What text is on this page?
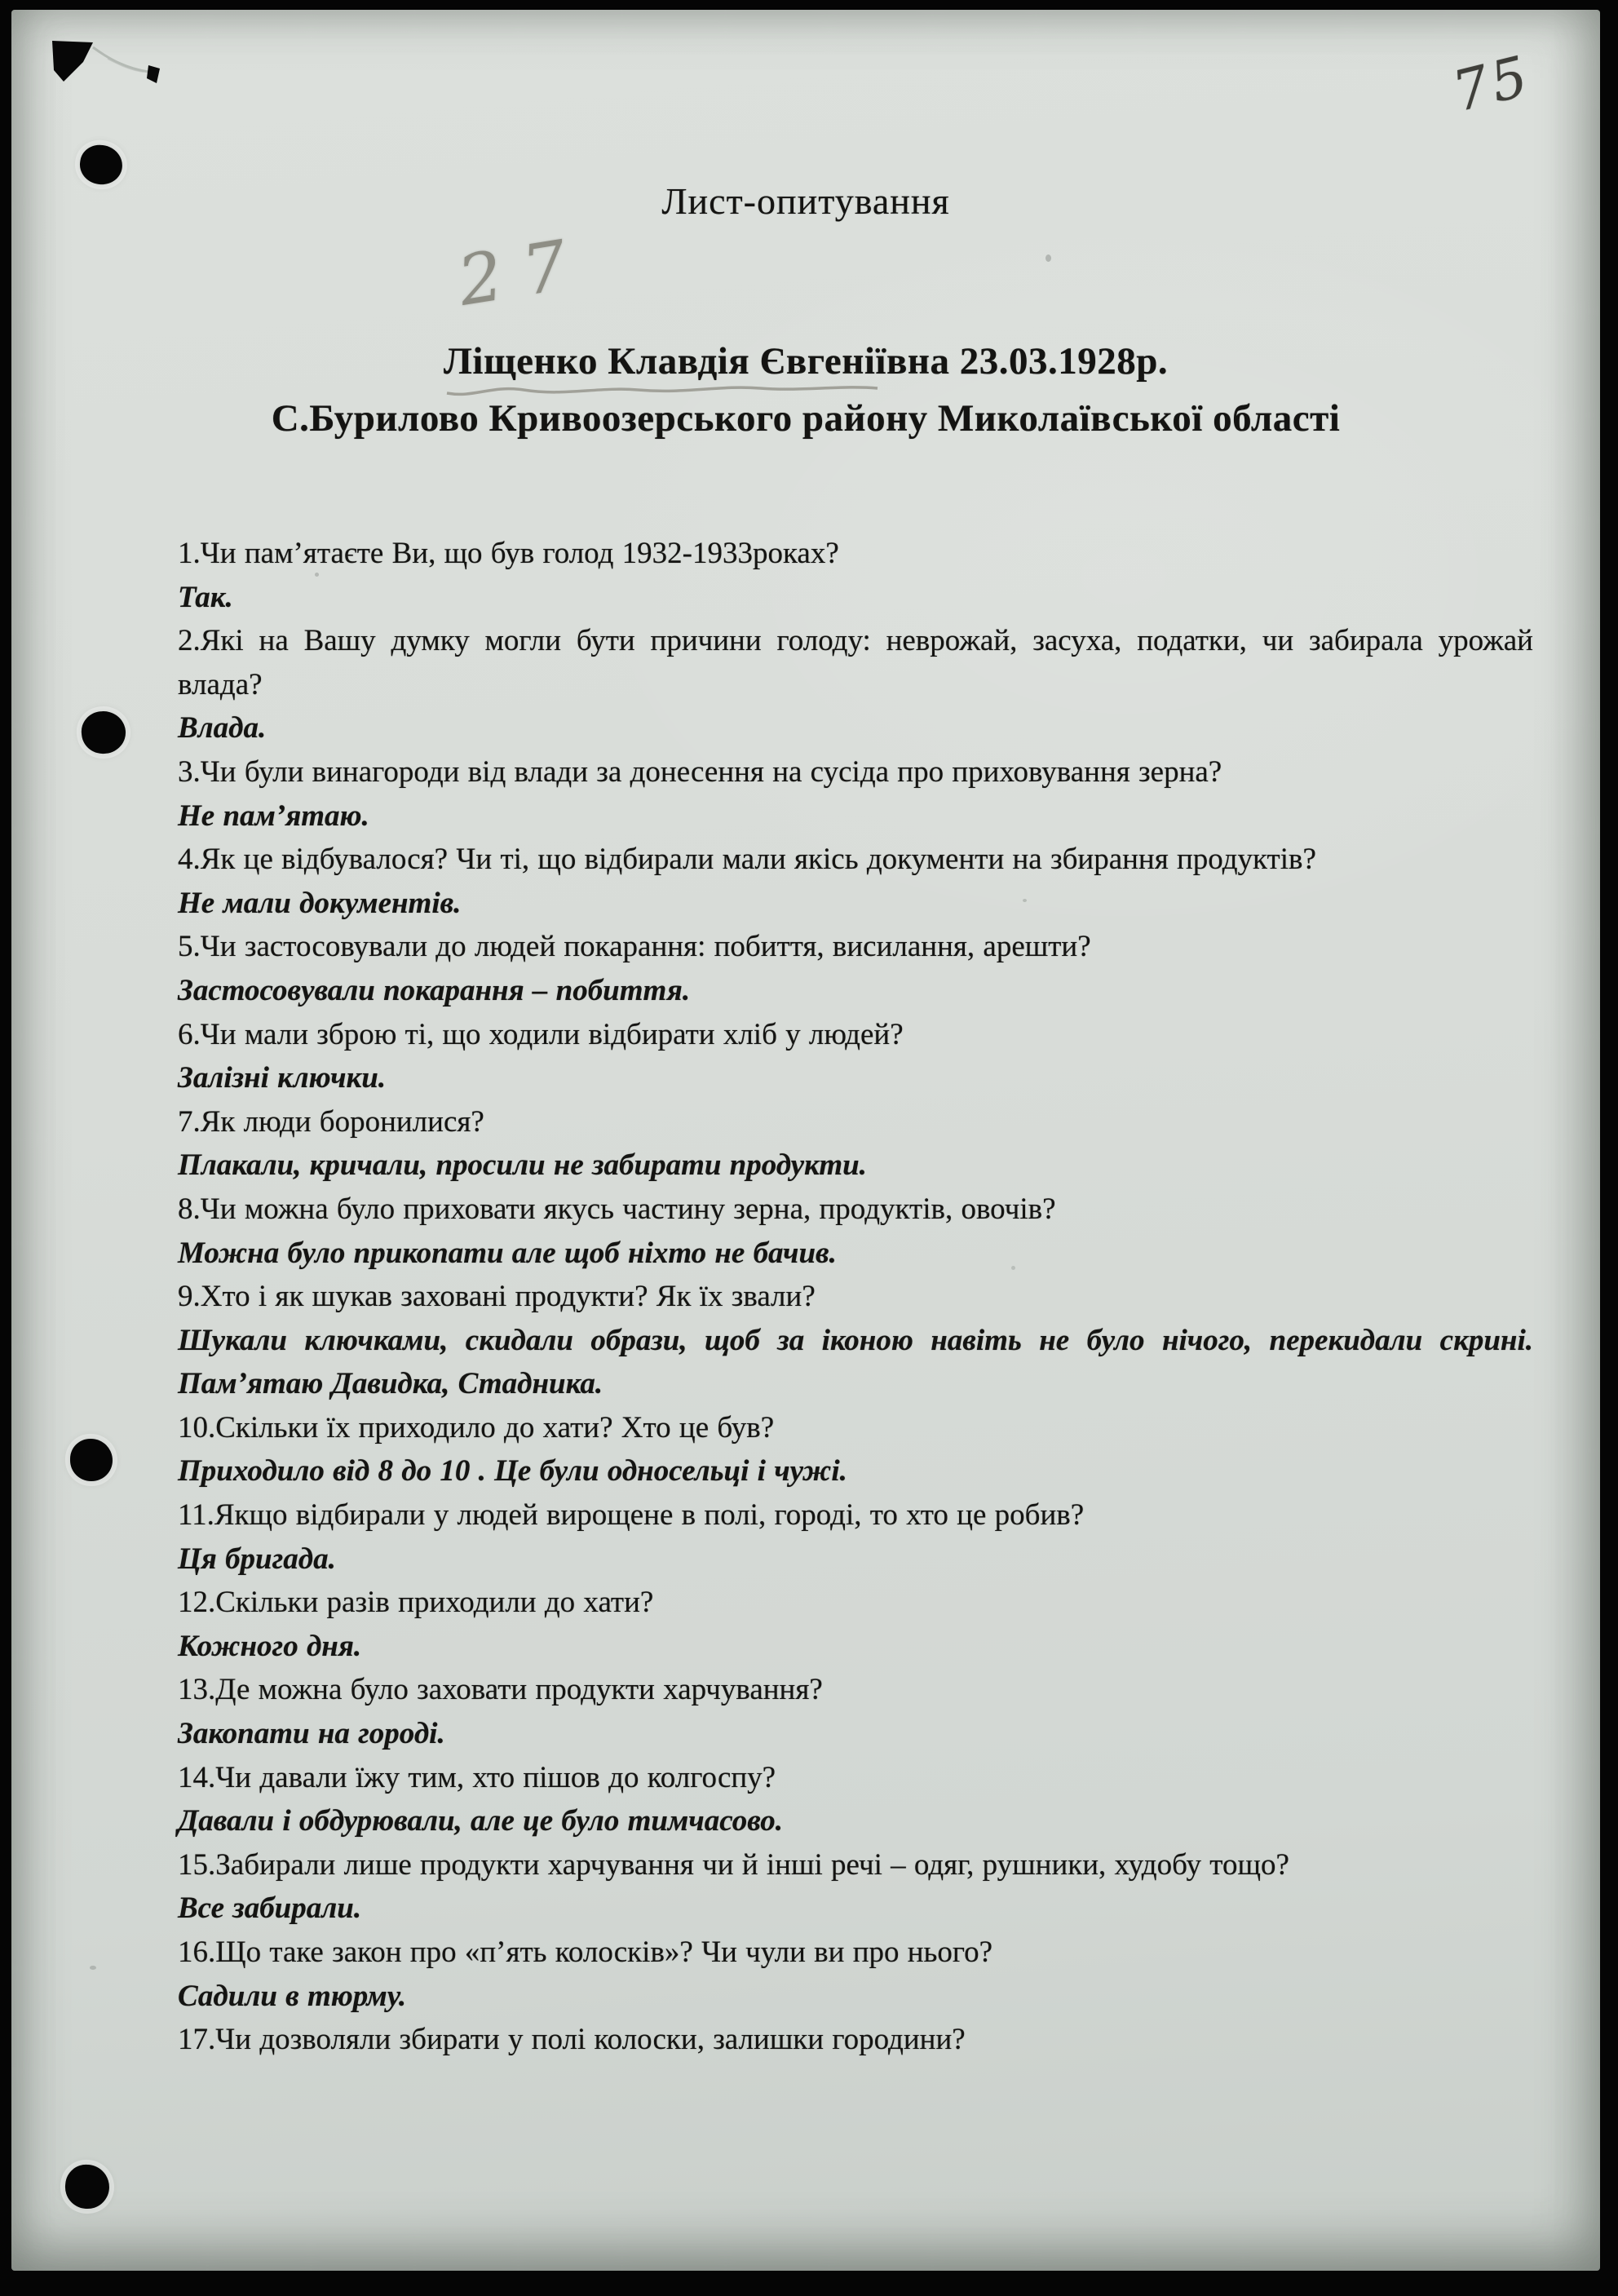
27
75
Лист-опитування
Ліщенко Клавдія Євгеніївна 23.03.1928р.
С.Бурилово Кривоозерського району Миколаївської області

1.Чи пам’ятаєте Ви, що був голод 1932-1933роках?

Так.

2.Які на Вашу думку могли бути причини голоду: неврожай, засуха, податки, чи забирала урожай влада?

Влада.

3.Чи були винагороди від влади за донесення на сусіда про приховування зерна?

Не пам’ятаю.

4.Як це відбувалося? Чи ті, що відбирали мали якісь документи на збирання продуктів?

Не мали документів.

5.Чи застосовували до людей покарання: побиття, висилання, арешти?

Застосовували покарання – побиття.

6.Чи мали зброю ті, що ходили відбирати хліб у людей?

Залізні ключки.

7.Як люди боронилися?

Плакали, кричали, просили не забирати продукти.

8.Чи можна було приховати якусь частину зерна, продуктів, овочів?

Можна було прикопати але щоб ніхто не бачив.

9.Хто і як шукав заховані продукти? Як їх звали?

Шукали ключками, скидали образи, щоб за іконою навіть не було нічого, перекидали скрині. Пам’ятаю Давидка, Стадника.

10.Скільки їх приходило до хати? Хто це був?

Приходило від 8 до 10 . Це були односельці і чужі.

11.Якщо відбирали у людей вирощене в полі, городі, то хто це робив?

Ця бригада.

12.Скільки разів приходили до хати?

Кожного дня.

13.Де можна було заховати продукти харчування?

Закопати на городі.

14.Чи давали їжу тим, хто пішов до колгоспу?

Давали і обдурювали, але це було тимчасово.

15.Забирали лише продукти харчування чи й інші речі – одяг, рушники, худобу тощо?

Все забирали.

16.Що таке закон про «п’ять колосків»? Чи чули ви про нього?

Садили в тюрму.

17.Чи дозволяли збирати у полі колоски, залишки городини?
